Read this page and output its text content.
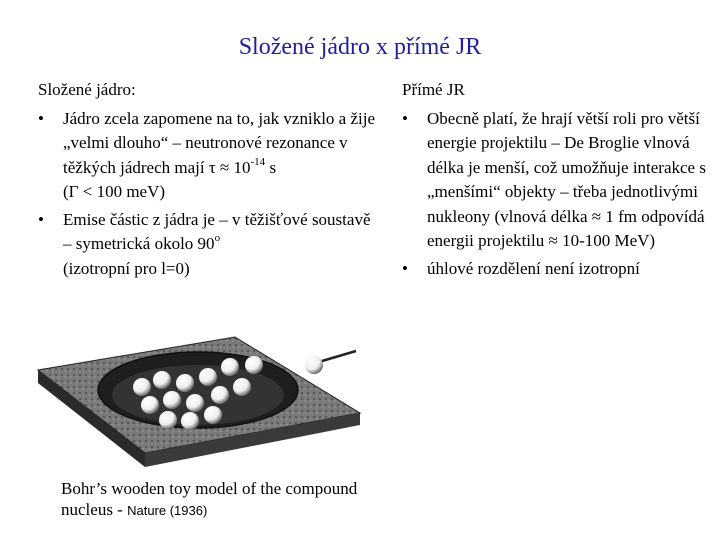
Složené jádro x přímé JR
Složené jádro:
• Jádro zcela zapomene na to, jak vzniklo a žije „velmi dlouho“ – neutronové rezonance v těžkých jádrech mají $\tau \approx 10^{-14}$ s
(Γ < 100 meV)
• Emise částic z jádra je – v těžišťové soustavě – symetrická okolo 90$^o$
(izotropní pro l=0)
Přímé JR
• Obecně platí, že hrají větší roli pro větší energie projektilu – De Broglie vlnová délka je menší, což umožňuje interakce s „menšími“ objekty – třeba jednotlivými nukleony (vlnová délka ≈ 1 fm odpovídá energii projektilu ≈ 10-100 MeV)
• úhlové rozdělení není izotropní
Bohr’s wooden toy model of the compound nucleus - Nature (1936)
